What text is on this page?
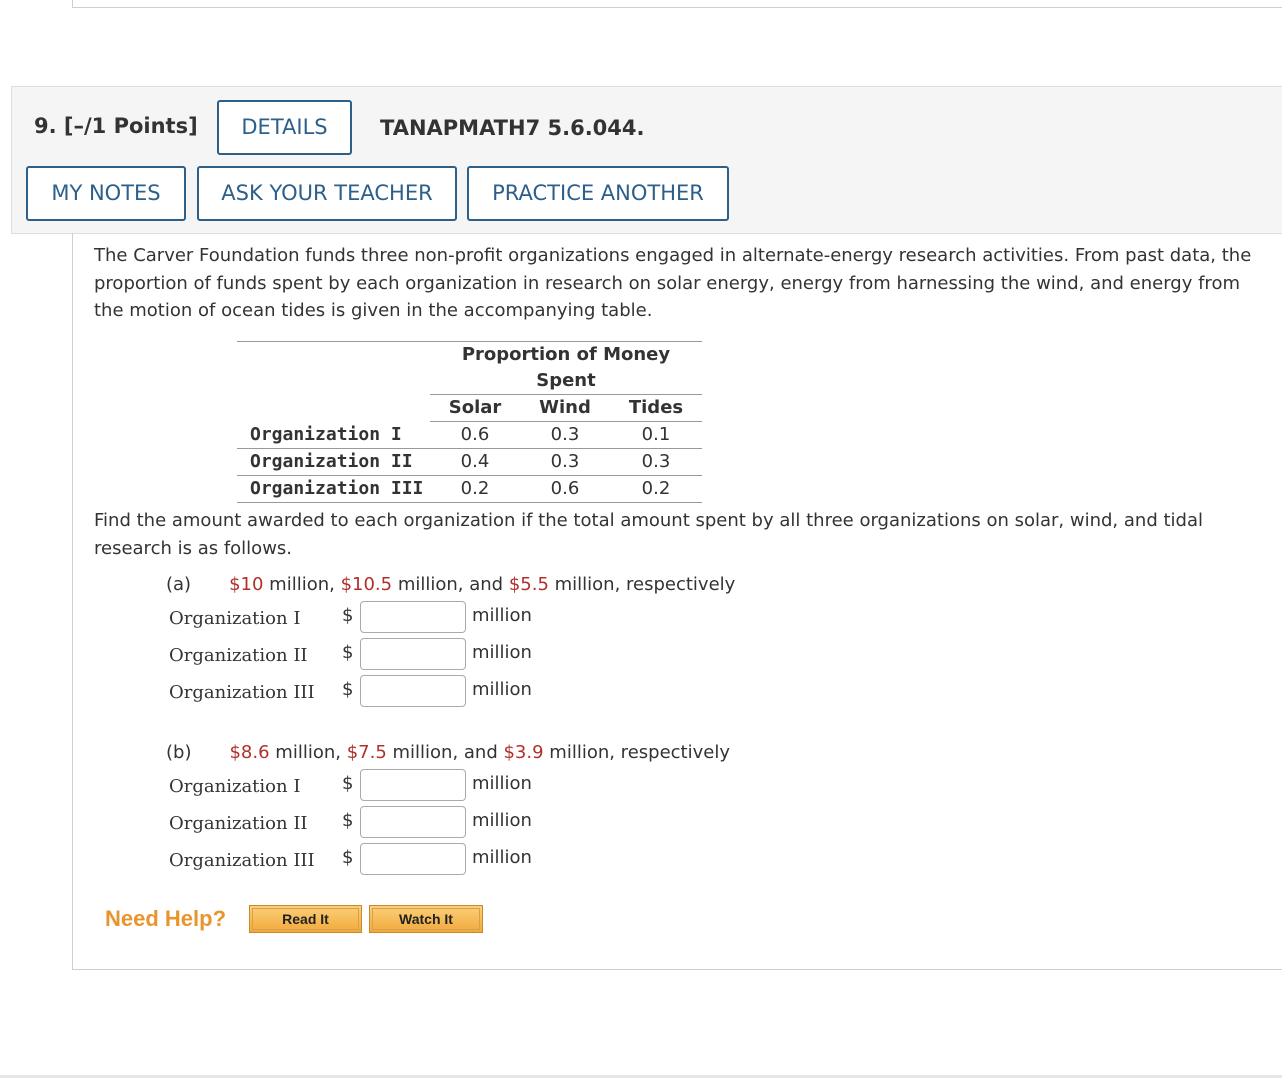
9. [–/1 Points]	DETAILS	TANAPMATH7 5.6.044.
MY NOTES	ASK YOUR TEACHER	PRACTICE ANOTHER
The Carver Foundation funds three non-profit organizations engaged in alternate-energy research activities. From past data, the proportion of funds spent by each organization in research on solar energy, energy from harnessing the wind, and energy from the motion of ocean tides is given in the accompanying table.
	Proportion of Money Spent		
	Solar	Wind	Tides
Organization I	0.6	0.3	0.1
Organization II	0.4	0.3	0.3
Organization III	0.2	0.6	0.2
Find the amount awarded to each organization if the total amount spent by all three organizations on solar, wind, and tidal research is as follows.
(a) $10 million, $10.5 million, and $5.5 million, respectively
Organization I $	million
Organization II $	million
Organization III $	million
(b) $8.6 million, $7.5 million, and $3.9 million, respectively
Organization I $	million
Organization II $	million
Organization III $	million
Need Help?	Read It	Watch It
